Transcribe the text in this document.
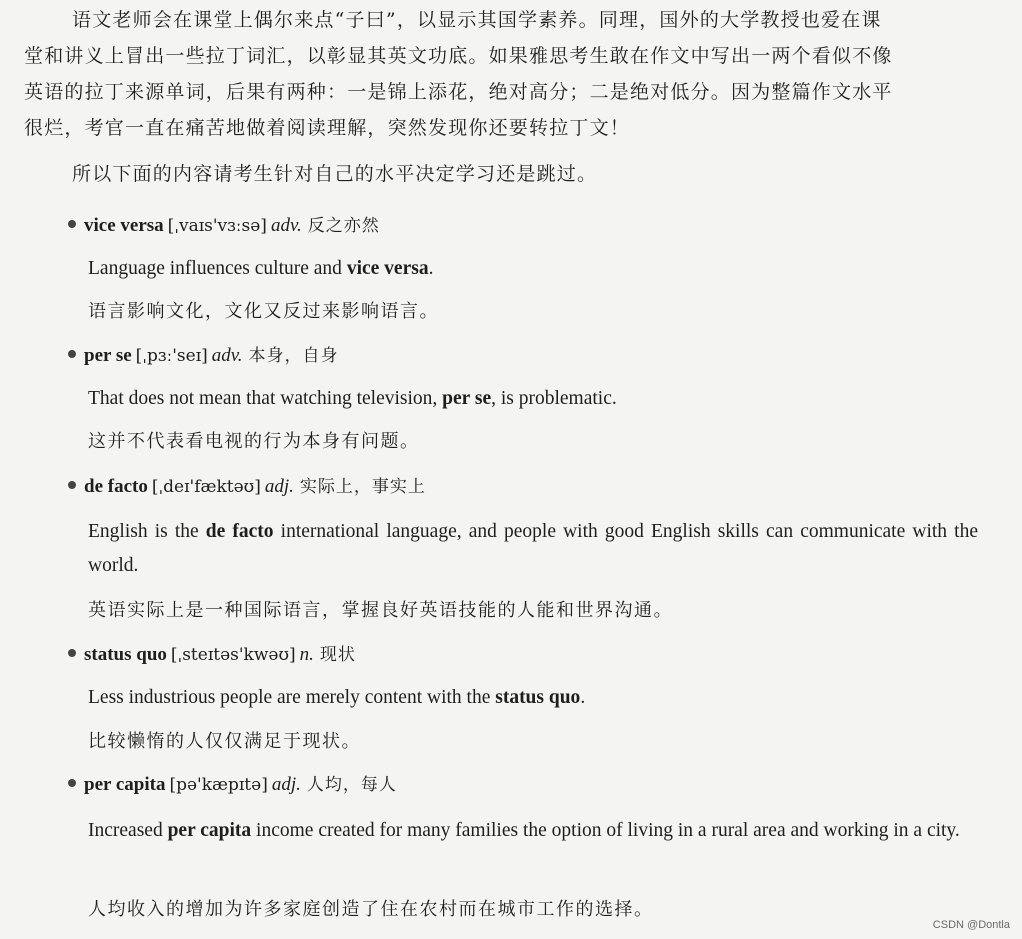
语文老师会在课堂上偶尔来点“子曰”，以显示其国学素养。同理，国外的大学教授也爱在课

堂和讲义上冒出一些拉丁词汇，以彰显其英文功底。如果雅思考生敢在作文中写出一两个看似不像

英语的拉丁来源单词，后果有两种：一是锦上添花，绝对高分；二是绝对低分。因为整篇作文水平

很烂，考官一直在痛苦地做着阅读理解，突然发现你还要转拉丁文！

所以下面的内容请考生针对自己的水平决定学习还是跳过。

vice versa [ˌvaɪs'vɜːsə] adv. 反之亦然
Language influences culture and vice versa.
语言影响文化，文化又反过来影响语言。
per se [ˌpɜː'seɪ] adv. 本身，自身
That does not mean that watching television, per se, is problematic.
这并不代表看电视的行为本身有问题。
de facto [ˌdeɪ'fæktəʊ] adj. 实际上，事实上
English is the de facto international language, and people with good English skills can communicate with the world.
英语实际上是一种国际语言，掌握良好英语技能的人能和世界沟通。
status quo [ˌsteɪtəs'kwəʊ] n. 现状
Less industrious people are merely content with the status quo.
比较懒惰的人仅仅满足于现状。
per capita [pə'kæpɪtə] adj. 人均，每人
Increased per capita income created for many families the option of living in a rural area and working in a city.
人均收入的增加为许多家庭创造了住在农村而在城市工作的选择。
CSDN @Dontla
